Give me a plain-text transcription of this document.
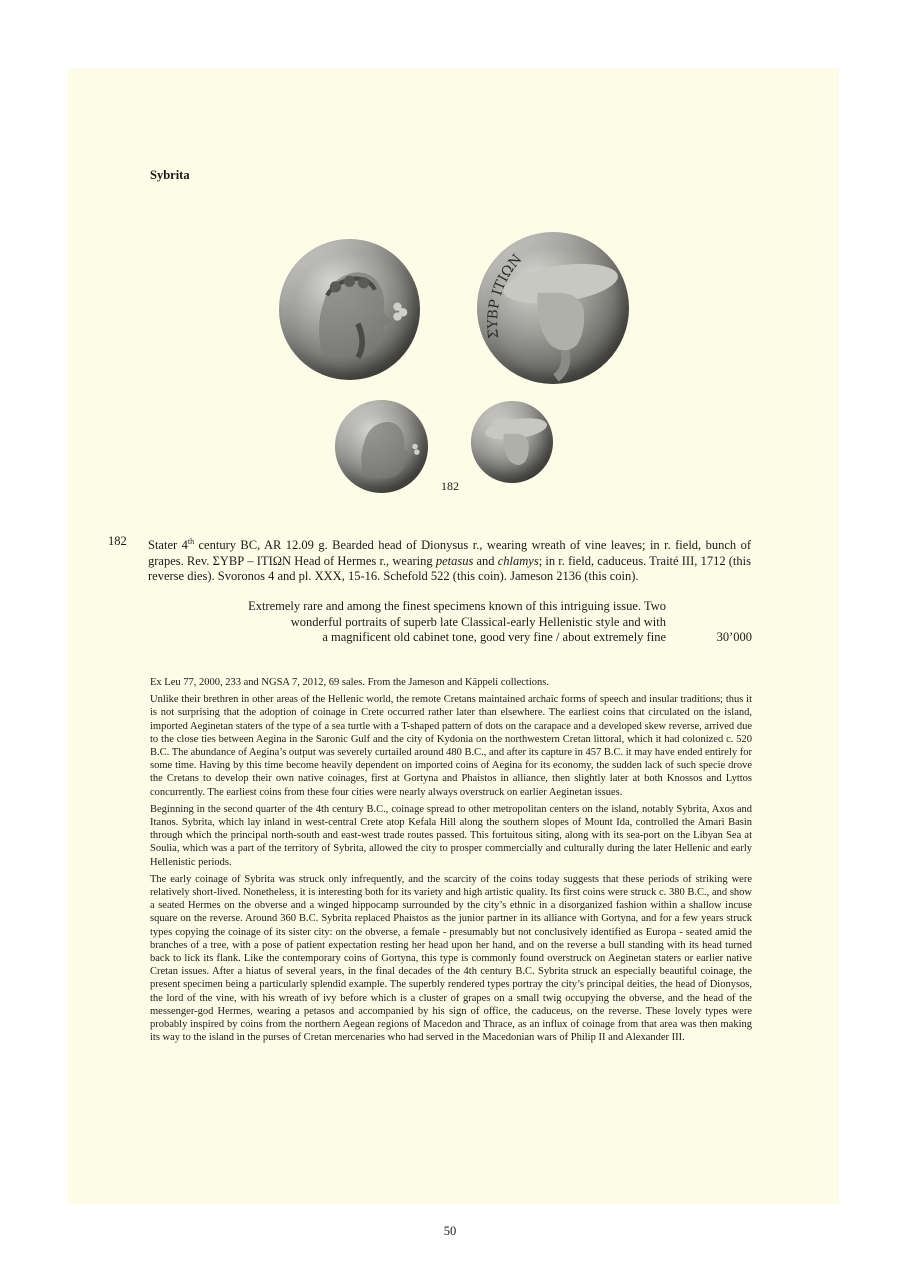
Sybrita
ΣΥΒΡ ΙΤΙΩΝ
182
182 Stater 4th century BC, AR 12.09 g. Bearded head of Dionysus r., wearing wreath of vine leaves; in r. field, bunch of grapes. Rev. ΣΥΒΡ – ΙΤΙΩΝ Head of Hermes r., wearing petasus and chlamys; in r. field, caduceus. Traité III, 1712 (this reverse dies). Svoronos 4 and pl. XXX, 15-16. Schefold 522 (this coin). Jameson 2136 (this coin).

Extremely rare and among the finest specimens known of this intriguing issue. Two
wonderful portraits of superb late Classical-early Hellenistic style and with
a magnificent old cabinet tone, good very fine / about extremely fine	30’000

Ex Leu 77, 2000, 233 and NGSA 7, 2012, 69 sales. From the Jameson and Käppeli collections.

Unlike their brethren in other areas of the Hellenic world, the remote Cretans maintained archaic forms of speech and insular traditions; thus it is not surprising that the adoption of coinage in Crete occurred rather later than elsewhere. The earliest coins that circulated on the island, imported Aeginetan staters of the type of a sea turtle with a T-shaped pattern of dots on the carapace and a developed skew reverse, arrived due to the close ties between Aegina in the Saronic Gulf and the city of Kydonia on the northwestern Cretan littoral, which it had colonized c. 520 B.C. The abundance of Aegina’s output was severely curtailed around 480 B.C., and after its capture in 457 B.C. it may have ended entirely for some time. Having by this time become heavily dependent on imported coins of Aegina for its economy, the sudden lack of such specie drove the Cretans to develop their own native coinages, first at Gortyna and Phaistos in alliance, then slightly later at both Knossos and Lyttos concurrently. The earliest coins from these four cities were nearly always overstruck on earlier Aeginetan issues.

Beginning in the second quarter of the 4th century B.C., coinage spread to other metropolitan centers on the island, notably Sybrita, Axos and Itanos. Sybrita, which lay inland in west-central Crete atop Kefala Hill along the southern slopes of Mount Ida, controlled the Amari Basin through which the principal north-south and east-west trade routes passed. This fortuitous siting, along with its sea-port on the Libyan Sea at Soulia, which was a part of the territory of Sybrita, allowed the city to prosper commercially and culturally during the later Hellenic and early Hellenistic periods.

The early coinage of Sybrita was struck only infrequently, and the scarcity of the coins today suggests that these periods of striking were relatively short-lived. Nonetheless, it is interesting both for its variety and high artistic quality. Its first coins were struck c. 380 B.C., and show a seated Hermes on the obverse and a winged hippocamp surrounded by the city’s ethnic in a disorganized fashion within a shallow incuse square on the reverse. Around 360 B.C. Sybrita replaced Phaistos as the junior partner in its alliance with Gortyna, and for a few years struck types copying the coinage of its sister city: on the obverse, a female - presumably but not conclusively identified as Europa - seated amid the branches of a tree, with a pose of patient expectation resting her head upon her hand, and on the reverse a bull standing with its head turned back to lick its flank. Like the contemporary coins of Gortyna, this type is commonly found overstruck on Aeginetan staters or earlier native Cretan issues. After a hiatus of several years, in the final decades of the 4th century B.C. Sybrita struck an especially beautiful coinage, the present specimen being a particularly splendid example. The superbly rendered types portray the city’s principal deities, the head of Dionysos, the lord of the vine, with his wreath of ivy before which is a cluster of grapes on a small twig occupying the obverse, and the head of the messenger-god Hermes, wearing a petasos and accompanied by his sign of office, the caduceus, on the reverse. These lovely types were probably inspired by coins from the northern Aegean regions of Macedon and Thrace, as an influx of coinage from that area was then making its way to the island in the purses of Cretan mercenaries who had served in the Macedonian wars of Philip II and Alexander III.

50
